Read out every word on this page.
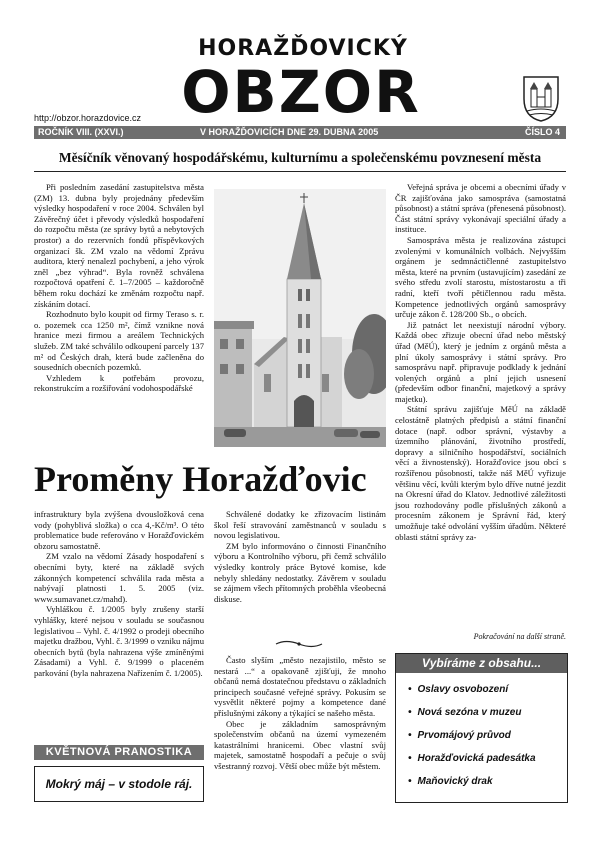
HORAŽĎOVICKÝ
OBZOR
http://obzor.horazdovice.cz
ROČNÍK VIII. (XXVI.)	V HORAŽĎOVICÍCH DNE 29. DUBNA 2005	ČÍSLO 4
Měsíčník věnovaný hospodářskému, kulturnímu a společenskému povznesení města

Při posledním zasedání zastupitelstva města (ZM) 13. dubna byly projednány především výsledky hospodaření v roce 2004. Schválen byl Závěrečný účet i převody výsledků hospodaření do rozpočtu města (ze správy bytů a nebytových prostor) a do rezervních fondů příspěvkových organizací šk. ZM vzalo na vědomí Zprávu auditora, který nenalezl pochybení, a jeho výrok zněl „bez výhrad“. Byla rovněž schválena rozpočtová opatření č. 1–7/2005 – každoročně během roku dochází ke změnám rozpočtu např. získáním dotací.

Rozhodnuto bylo koupit od firmy Teraso s. r. o. pozemek cca 1250 m², čímž vznikne nová hranice mezi firmou a areálem Technických služeb. ZM také schválilo odkoupení parcely 137 m² od Českých drah, která bude začleněna do sousedních obecních pozemků.

Vzhledem k potřebám provozu, rekonstrukcím a rozšiřování vodohospodářské

Veřejná správa je obcemi a obecními úřady v ČR zajišťována jako samospráva (samostatná působnost) a státní správa (přenesená působnost). Část státní správy vykonávají speciální úřady a instituce.

Samospráva města je realizována zástupci zvolenými v komunálních volbách. Nejvyšším orgánem je sedmnáctičlenné zastupitelstvo města, které na prvním (ustavujícím) zasedání ze svého středu zvolí starostu, místostarostu a tři radní, kteří tvoří pětičlennou radu města. Kompetence jednotlivých orgánů samosprávy určuje zákon č. 128/200 Sb., o obcích.

Již patnáct let neexistují národní výbory. Každá obec zřizuje obecní úřad nebo městský úřad (MěÚ), který je jedním z orgánů města a plní úkoly samosprávy i státní správy. Pro samosprávu např. připravuje podklady k jednání volených orgánů a plní jejich usnesení (především odbor finanční, majetkový a správy majetku).

Státní správu zajišťuje MěÚ na základě celostátně platných předpisů a státní finanční dotace (např. odbor správní, výstavby a územního plánování, životního prostředí, dopravy a silničního hospodářství, sociálních věcí a živnostenský). Horažďovice jsou obcí s rozšířenou působností, takže náš MěÚ vyřizuje většinu věcí, kvůli kterým bylo dříve nutné jezdit na Okresní úřad do Klatov. Jednotlivé záležitosti jsou rozhodovány podle příslušných zákonů a procesním zákonem je Správní řád, který umožňuje také odvolání vyšším úřadům. Některé oblasti státní správy za-

Proměny Horažďovic

infrastruktury byla zvýšena dvousložková cena vody (pohyblivá složka) o cca 4,-Kč/m³. O této problematice bude referováno v Horažďovickém obzoru samostatně.

ZM vzalo na vědomí Zásady hospodaření s obecními byty, které na základě svých zákonných kompetencí schválila rada města a nabývají platnosti 1. 5. 2005 (viz. www.sumavanet.cz/mahd).

Vyhláškou č. 1/2005 byly zrušeny starší vyhlášky, které nejsou v souladu se současnou legislativou – Vyhl. č. 4/1992 o prodeji obecního majetku dražbou, Vyhl. č. 3/1999 o vzniku nájmu obecních bytů (byla nahrazena výše zmíněnými Zásadami) a Vyhl. č. 9/1999 o placeném parkování (byla nahrazena Nařízením č. 1/2005).

Schválené dodatky ke zřizovacím listinám škol řeší stravování zaměstnanců v souladu s novou legislativou.

ZM bylo informováno o činnosti Finančního výboru a Kontrolního výboru, při čemž schválilo výsledky kontroly práce Bytové komise, kde nebyly shledány nedostatky. Závěrem v souladu se zájmem všech přítomných proběhla všeobecná diskuse.

Často slyším „město nezajistilo, město se nestará ...“ a opakovaně zjišťuji, že mnoho občanů nemá dostatečnou představu o základních principech současné veřejné správy. Pokusím se vysvětlit některé pojmy a kompetence dané příslušnými zákony a týkající se našeho města.

Obec je základním samosprávným společenstvím občanů na území vymezeném katastrálními hranicemi. Obec vlastní svůj majetek, samostatně hospodaří a pečuje o svůj všestranný rozvoj. Větší obec může být městem.

Pokračování na další straně.
Vybíráme z obsahu...
• Oslavy osvobození
• Nová sezóna v muzeu
• Prvomájový průvod
• Horažďovická padesátka
• Maňovický drak
KVĚTNOVÁ PRANOSTIKA
Mokrý máj – v stodole ráj.
